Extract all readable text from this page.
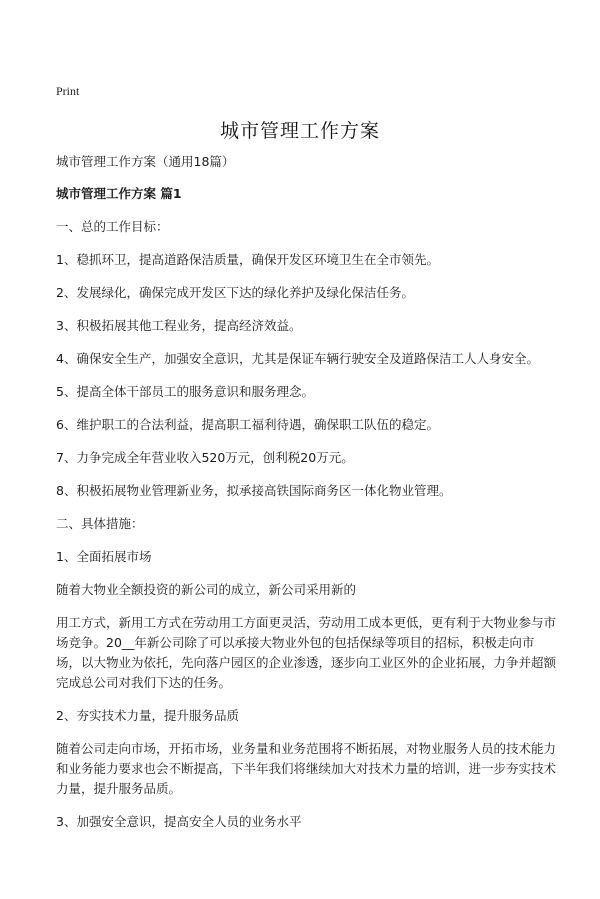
Print
城市管理工作方案

城市管理工作方案（通用18篇）

城市管理工作方案 篇1

一、总的工作目标：

1、稳抓环卫，提高道路保洁质量，确保开发区环境卫生在全市领先。

2、发展绿化，确保完成开发区下达的绿化养护及绿化保洁任务。

3、积极拓展其他工程业务，提高经济效益。

4、确保安全生产，加强安全意识，尤其是保证车辆行驶安全及道路保洁工人人身安全。

5、提高全体干部员工的服务意识和服务理念。

6、维护职工的合法利益，提高职工福利待遇，确保职工队伍的稳定。

7、力争完成全年营业收入520万元，创利税20万元。

8、积极拓展物业管理新业务，拟承接高铁国际商务区一体化物业管理。

二、具体措施：

1、全面拓展市场

随着大物业全额投资的新公司的成立，新公司采用新的

用工方式，新用工方式在劳动用工方面更灵活，劳动用工成本更低，更有利于大物业参与市场竞争。20__年新公司除了可以承接大物业外包的包括保绿等项目的招标，积极走向市场，以大物业为依托，先向落户园区的企业渗透，逐步向工业区外的企业拓展，力争并超额完成总公司对我们下达的任务。

2、夯实技术力量，提升服务品质

随着公司走向市场，开拓市场，业务量和业务范围将不断拓展，对物业服务人员的技术能力和业务能力要求也会不断提高，下半年我们将继续加大对技术力量的培训，进一步夯实技术力量，提升服务品质。

3、加强安全意识，提高安全人员的业务水平
